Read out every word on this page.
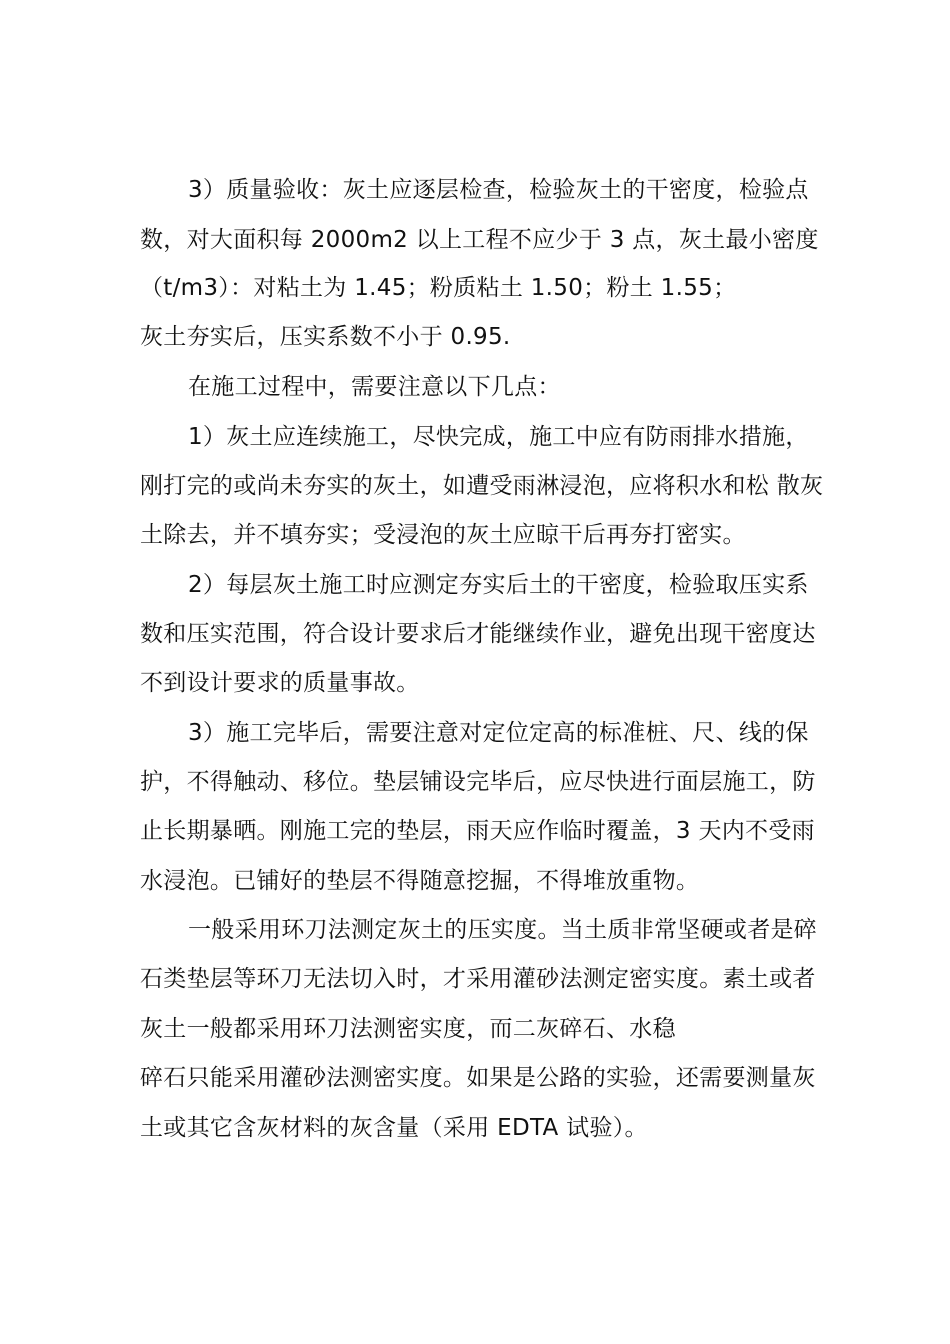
3）质量验收：灰土应逐层检查，检验灰土的干密度，检验点
数，对大面积每 2000m2 以上工程不应少于 3 点，灰土最小密度
（t/m3）：对粘土为 1.45；粉质粘土 1.50；粉土 1.55；
灰土夯实后，压实系数不小于 0.95.
在施工过程中，需要注意以下几点：
1）灰土应连续施工，尽快完成，施工中应有防雨排水措施，
刚打完的或尚未夯实的灰土，如遭受雨淋浸泡，应将积水和松 散灰
土除去，并不填夯实；受浸泡的灰土应晾干后再夯打密实。
2）每层灰土施工时应测定夯实后土的干密度，检验取压实系
数和压实范围，符合设计要求后才能继续作业，避免出现干密度达
不到设计要求的质量事故。
3）施工完毕后，需要注意对定位定高的标准桩、尺、线的保
护，不得触动、移位。垫层铺设完毕后，应尽快进行面层施工，防
止长期暴晒。刚施工完的垫层，雨天应作临时覆盖，3 天内不受雨
水浸泡。已铺好的垫层不得随意挖掘，不得堆放重物。
一般采用环刀法测定灰土的压实度。当土质非常坚硬或者是碎
石类垫层等环刀无法切入时，才采用灌砂法测定密实度。素土或者
灰土一般都采用环刀法测密实度，而二灰碎石、水稳
碎石只能采用灌砂法测密实度。如果是公路的实验，还需要测量灰
土或其它含灰材料的灰含量（采用 EDTA 试验）。
